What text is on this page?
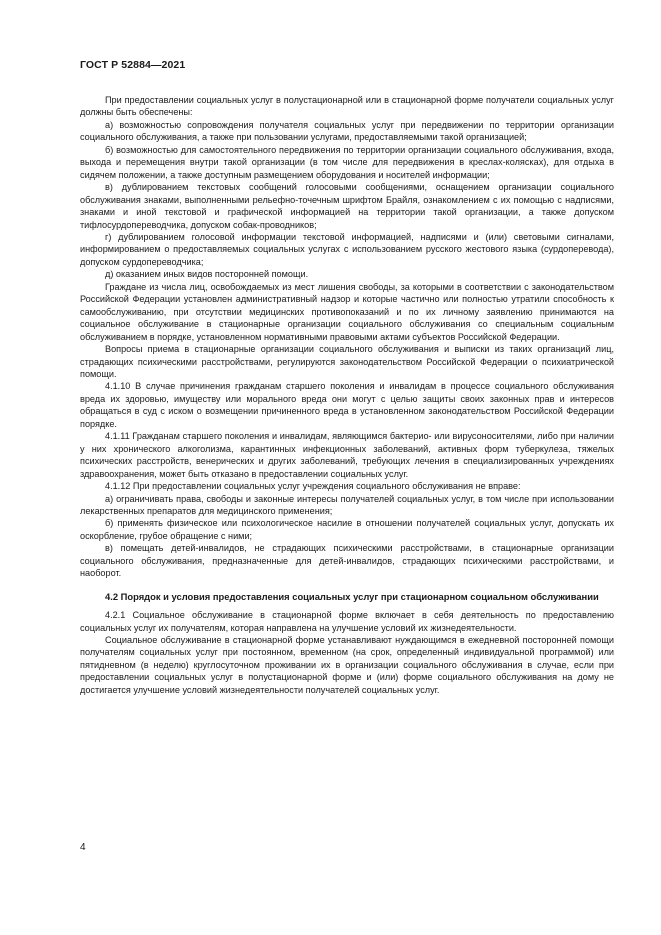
ГОСТ Р 52884—2021

При предоставлении социальных услуг в полустационарной или в стационарной форме получатели социальных услуг должны быть обеспечены:

а) возможностью сопровождения получателя социальных услуг при передвижении по территории организации социального обслуживания, а также при пользовании услугами, предоставляемыми такой организацией;

б) возможностью для самостоятельного передвижения по территории организации социального обслуживания, входа, выхода и перемещения внутри такой организации (в том числе для передвижения в креслах-колясках), для отдыха в сидячем положении, а также доступным размещением оборудования и носителей информации;

в) дублированием текстовых сообщений голосовыми сообщениями, оснащением организации социального обслуживания знаками, выполненными рельефно-точечным шрифтом Брайля, ознакомлением с их помощью с надписями, знаками и иной текстовой и графической информацией на территории такой организации, а также допуском тифлосурдопереводчика, допуском собак-проводников;

г) дублированием голосовой информации текстовой информацией, надписями и (или) световыми сигналами, информированием о предоставляемых социальных услугах с использованием русского жестового языка (сурдоперевода), допуском сурдопереводчика;

д) оказанием иных видов посторонней помощи.

Граждане из числа лиц, освобождаемых из мест лишения свободы, за которыми в соответствии с законодательством Российской Федерации установлен административный надзор и которые частично или полностью утратили способность к самообслуживанию, при отсутствии медицинских противопоказаний и по их личному заявлению принимаются на социальное обслуживание в стационарные организации социального обслуживания со специальным социальным обслуживанием в порядке, установленном нормативными правовыми актами субъектов Российской Федерации.

Вопросы приема в стационарные организации социального обслуживания и выписки из таких организаций лиц, страдающих психическими расстройствами, регулируются законодательством Российской Федерации о психиатрической помощи.

4.1.10 В случае причинения гражданам старшего поколения и инвалидам в процессе социального обслуживания вреда их здоровью, имуществу или морального вреда они могут с целью защиты своих законных прав и интересов обращаться в суд с иском о возмещении причиненного вреда в установленном законодательством Российской Федерации порядке.

4.1.11 Гражданам старшего поколения и инвалидам, являющимся бактерио- или вирусоносителями, либо при наличии у них хронического алкоголизма, карантинных инфекционных заболеваний, активных форм туберкулеза, тяжелых психических расстройств, венерических и других заболеваний, требующих лечения в специализированных учреждениях здравоохранения, может быть отказано в предоставлении социальных услуг.

4.1.12 При предоставлении социальных услуг учреждения социального обслуживания не вправе:

а) ограничивать права, свободы и законные интересы получателей социальных услуг, в том числе при использовании лекарственных препаратов для медицинского применения;

б) применять физическое или психологическое насилие в отношении получателей социальных услуг, допускать их оскорбление, грубое обращение с ними;

в) помещать детей-инвалидов, не страдающих психическими расстройствами, в стационарные организации социального обслуживания, предназначенные для детей-инвалидов, страдающих психическими расстройствами, и наоборот.

4.2 Порядок и условия предоставления социальных услуг при стационарном социальном обслуживании

4.2.1 Социальное обслуживание в стационарной форме включает в себя деятельность по предоставлению социальных услуг их получателям, которая направлена на улучшение условий их жизнедеятельности.

Социальное обслуживание в стационарной форме устанавливают нуждающимся в ежедневной посторонней помощи получателям социальных услуг при постоянном, временном (на срок, определенный индивидуальной программой) или пятидневном (в неделю) круглосуточном проживании их в организации социального обслуживания в случае, если при предоставлении социальных услуг в полустационарной форме и (или) форме социального обслуживания на дому не достигается улучшение условий жизнедеятельности получателей социальных услуг.

4
